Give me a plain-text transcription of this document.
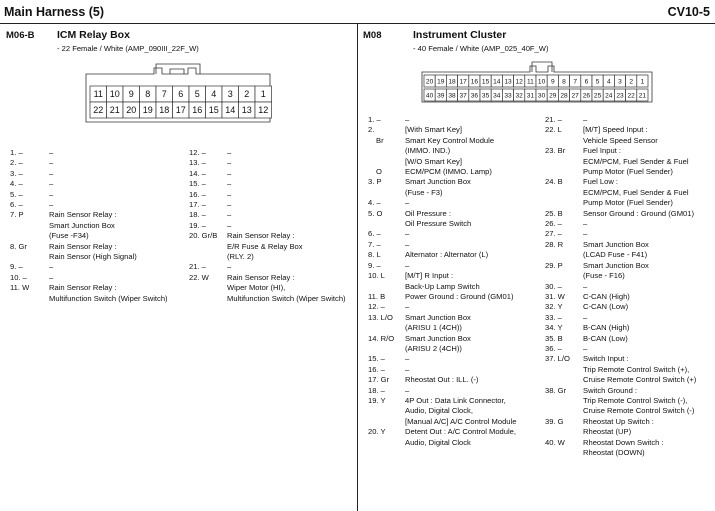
Main Harness (5)	CV10-5
M06-B ICM Relay Box
- 22 Female / White (AMP_090III_22F_W)
11 10 9 8 7 6 5 4 3 2 1
22 21 20 19 18 17 16 15 14 13 12
1. –	–
2. –	–
3. –	–
4. –	–
5. –	–
6. –	–
7. P	Rain Sensor Relay :
Smart Junction Box
(Fuse -F34)
8. Gr	Rain Sensor Relay :
Rain Sensor (High Signal)
9. –	–
10. –	–
11. W	Rain Sensor Relay :
Multifunction Switch (Wiper Switch)
12. –	–
13. –	–
14. –	–
15. –	–
16. –	–
17. –	–
18. –	–
19. –	–
20. Gr/B Rain Sensor Relay :
E/R Fuse & Relay Box
(RLY. 2)
21. –	–
22. W Rain Sensor Relay :
Wiper Motor (HI),
Multifunction Switch (Wiper Switch)
M08	Instrument Cluster
- 40 Female / White (AMP_025_40F_W)
20 19 18 17 16 15 14 13 12 11 10 9 8 7 6 5 4 3 2 1
40 39 38 37 36 35 34 33 32 31 30 29 28 27 26 25 24 23 22 21
1. –	–
2.	[With Smart Key]
Br	Smart Key Control Module
(IMMO. IND.)
[W/O Smart Key]
O	ECM/PCM (IMMO. Lamp)
3. P	Smart Junction Box
(Fuse - F3)
4. –	–
5. O	Oil Pressure :
Oil Pressure Switch
6. –	–
7. –	–
8. L	Alternator : Alternator (L)
9. –	–
10. L	[M/T] R Input :
Back-Up Lamp Switch
11. B	Power Ground : Ground (GM01)
12. –	–
13. L/O Smart Junction Box
(ARISU 1 (4CH))
14. R/O Smart Junction Box
(ARISU 2 (4CH))
15. –	–
16. –	–
17. Gr Rheostat Out : ILL. (-)
18. –	–
19. Y	4P Out : Data Link Connector,
Audio, Digital Clock,
[Manual A/C] A/C Control Module
20. Y	Detent Out : A/C Control Module,
Audio, Digital Clock
21. –	–
22. L	[M/T] Speed Input :
Vehicle Speed Sensor
23. Br Fuel Input :
ECM/PCM, Fuel Sender & Fuel
Pump Motor (Fuel Sender)
24. B	Fuel Low :
ECM/PCM, Fuel Sender & Fuel
Pump Motor (Fuel Sender)
25. B	Sensor Ground : Ground (GM01)
26. –	–
27. –	–
28. R	Smart Junction Box
(LCAD Fuse - F41)
29. P	Smart Junction Box
(Fuse - F16)
30. –	–
31. W C-CAN (High)
32. Y	C-CAN (Low)
33. –	–
34. Y	B-CAN (High)
35. B	B-CAN (Low)
36. –	–
37. L/O Switch Input :
Trip Remote Control Switch (+),
Cruise Remote Control Switch (+)
38. Gr Switch Ground :
Trip Remote Control Switch (-),
Cruise Remote Control Switch (-)
39. G	Rheostat Up Switch :
Rheostat (UP)
40. W Rheostat Down Switch :
Rheostat (DOWN)
